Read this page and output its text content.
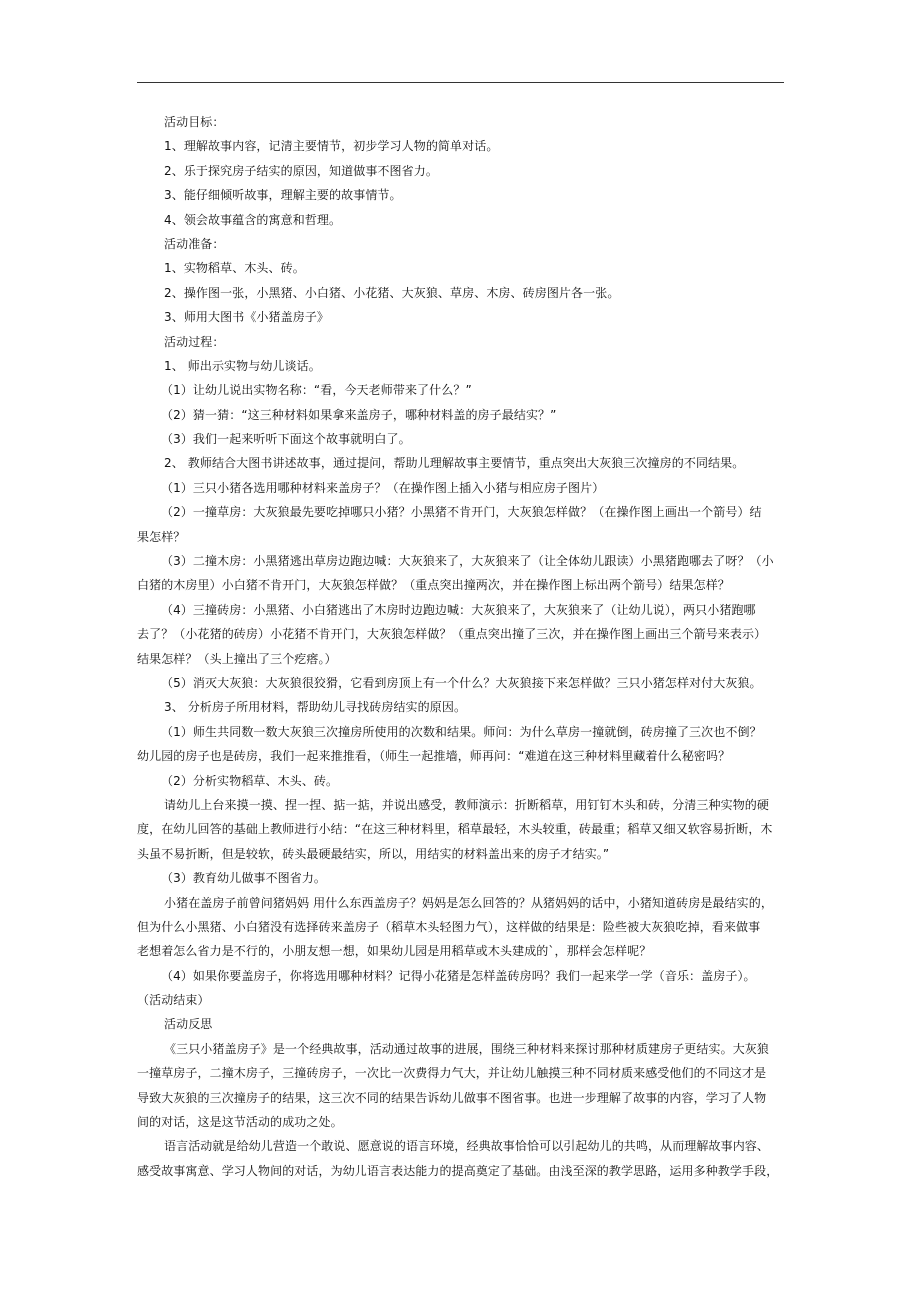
活动目标：
1、理解故事内容，记清主要情节，初步学习人物的简单对话。
2、乐于探究房子结实的原因，知道做事不图省力。
3、能仔细倾听故事，理解主要的故事情节。
4、领会故事蕴含的寓意和哲理。
活动准备：
1、实物稻草、木头、砖。
2、操作图一张，小黑猪、小白猪、小花猪、大灰狼、草房、木房、砖房图片各一张。
3、师用大图书《小猪盖房子》
活动过程：
1、 师出示实物与幼儿谈话。
（1）让幼儿说出实物名称：“看，今天老师带来了什么？”
（2）猜一猜：“这三种材料如果拿来盖房子，哪种材料盖的房子最结实？”
（3）我们一起来听听下面这个故事就明白了。
2、 教师结合大图书讲述故事，通过提问，帮助儿理解故事主要情节，重点突出大灰狼三次撞房的不同结果。
（1）三只小猪各选用哪种材料来盖房子？（在操作图上插入小猪与相应房子图片）
（2）一撞草房：大灰狼最先要吃掉哪只小猪？小黑猪不肯开门，大灰狼怎样做？（在操作图上画出一个箭号）结
果怎样？
（3）二撞木房：小黑猪逃出草房边跑边喊：大灰狼来了，大灰狼来了（让全体幼儿跟读）小黑猪跑哪去了呀？（小
白猪的木房里）小白猪不肯开门，大灰狼怎样做？（重点突出撞两次，并在操作图上标出两个箭号）结果怎样？
（4）三撞砖房：小黑猪、小白猪逃出了木房时边跑边喊：大灰狼来了，大灰狼来了（让幼儿说），两只小猪跑哪
去了？（小花猪的砖房）小花猪不肯开门，大灰狼怎样做？（重点突出撞了三次，并在操作图上画出三个箭号来表示）
结果怎样？（头上撞出了三个疙瘩。）
（5）消灭大灰狼：大灰狼很狡猾，它看到房顶上有一个什么？大灰狼接下来怎样做？三只小猪怎样对付大灰狼。
3、 分析房子所用材料，帮助幼儿寻找砖房结实的原因。
（1）师生共同数一数大灰狼三次撞房所使用的次数和结果。师问：为什么草房一撞就倒，砖房撞了三次也不倒？
幼儿园的房子也是砖房，我们一起来推推看，（师生一起推墙，师再问：“难道在这三种材料里藏着什么秘密吗？
（2）分析实物稻草、木头、砖。
请幼儿上台来摸一摸、捏一捏、掂一掂，并说出感受，教师演示：折断稻草，用钉钉木头和砖，分清三种实物的硬
度，在幼儿回答的基础上教师进行小结：“在这三种材料里，稻草最轻，木头较重，砖最重；稻草又细又软容易折断，木
头虽不易折断，但是较软，砖头最硬最结实，所以，用结实的材料盖出来的房子才结实。”
（3）教育幼儿做事不图省力。
小猪在盖房子前曾问猪妈妈 用什么东西盖房子？妈妈是怎么回答的？从猪妈妈的话中，小猪知道砖房是最结实的，
但为什么小黑猪、小白猪没有选择砖来盖房子（稻草木头轻图力气），这样做的结果是：险些被大灰狼吃掉，看来做事
老想着怎么省力是不行的，小朋友想一想，如果幼儿园是用稻草或木头建成的`，那样会怎样呢？
（4）如果你要盖房子，你将选用哪种材料？记得小花猪是怎样盖砖房吗？我们一起来学一学（音乐：盖房子）。
（活动结束）
活动反思
《三只小猪盖房子》是一个经典故事，活动通过故事的进展，围绕三种材料来探讨那种材质建房子更结实。大灰狼
一撞草房子，二撞木房子，三撞砖房子，一次比一次费得力气大，并让幼儿触摸三种不同材质来感受他们的不同这才是
导致大灰狼的三次撞房子的结果，这三次不同的结果告诉幼儿做事不图省事。也进一步理解了故事的内容，学习了人物
间的对话，这是这节活动的成功之处。
语言活动就是给幼儿营造一个敢说、愿意说的语言环境，经典故事恰恰可以引起幼儿的共鸣，从而理解故事内容、
感受故事寓意、学习人物间的对话，为幼儿语言表达能力的提高奠定了基础。由浅至深的教学思路，运用多种教学手段，
